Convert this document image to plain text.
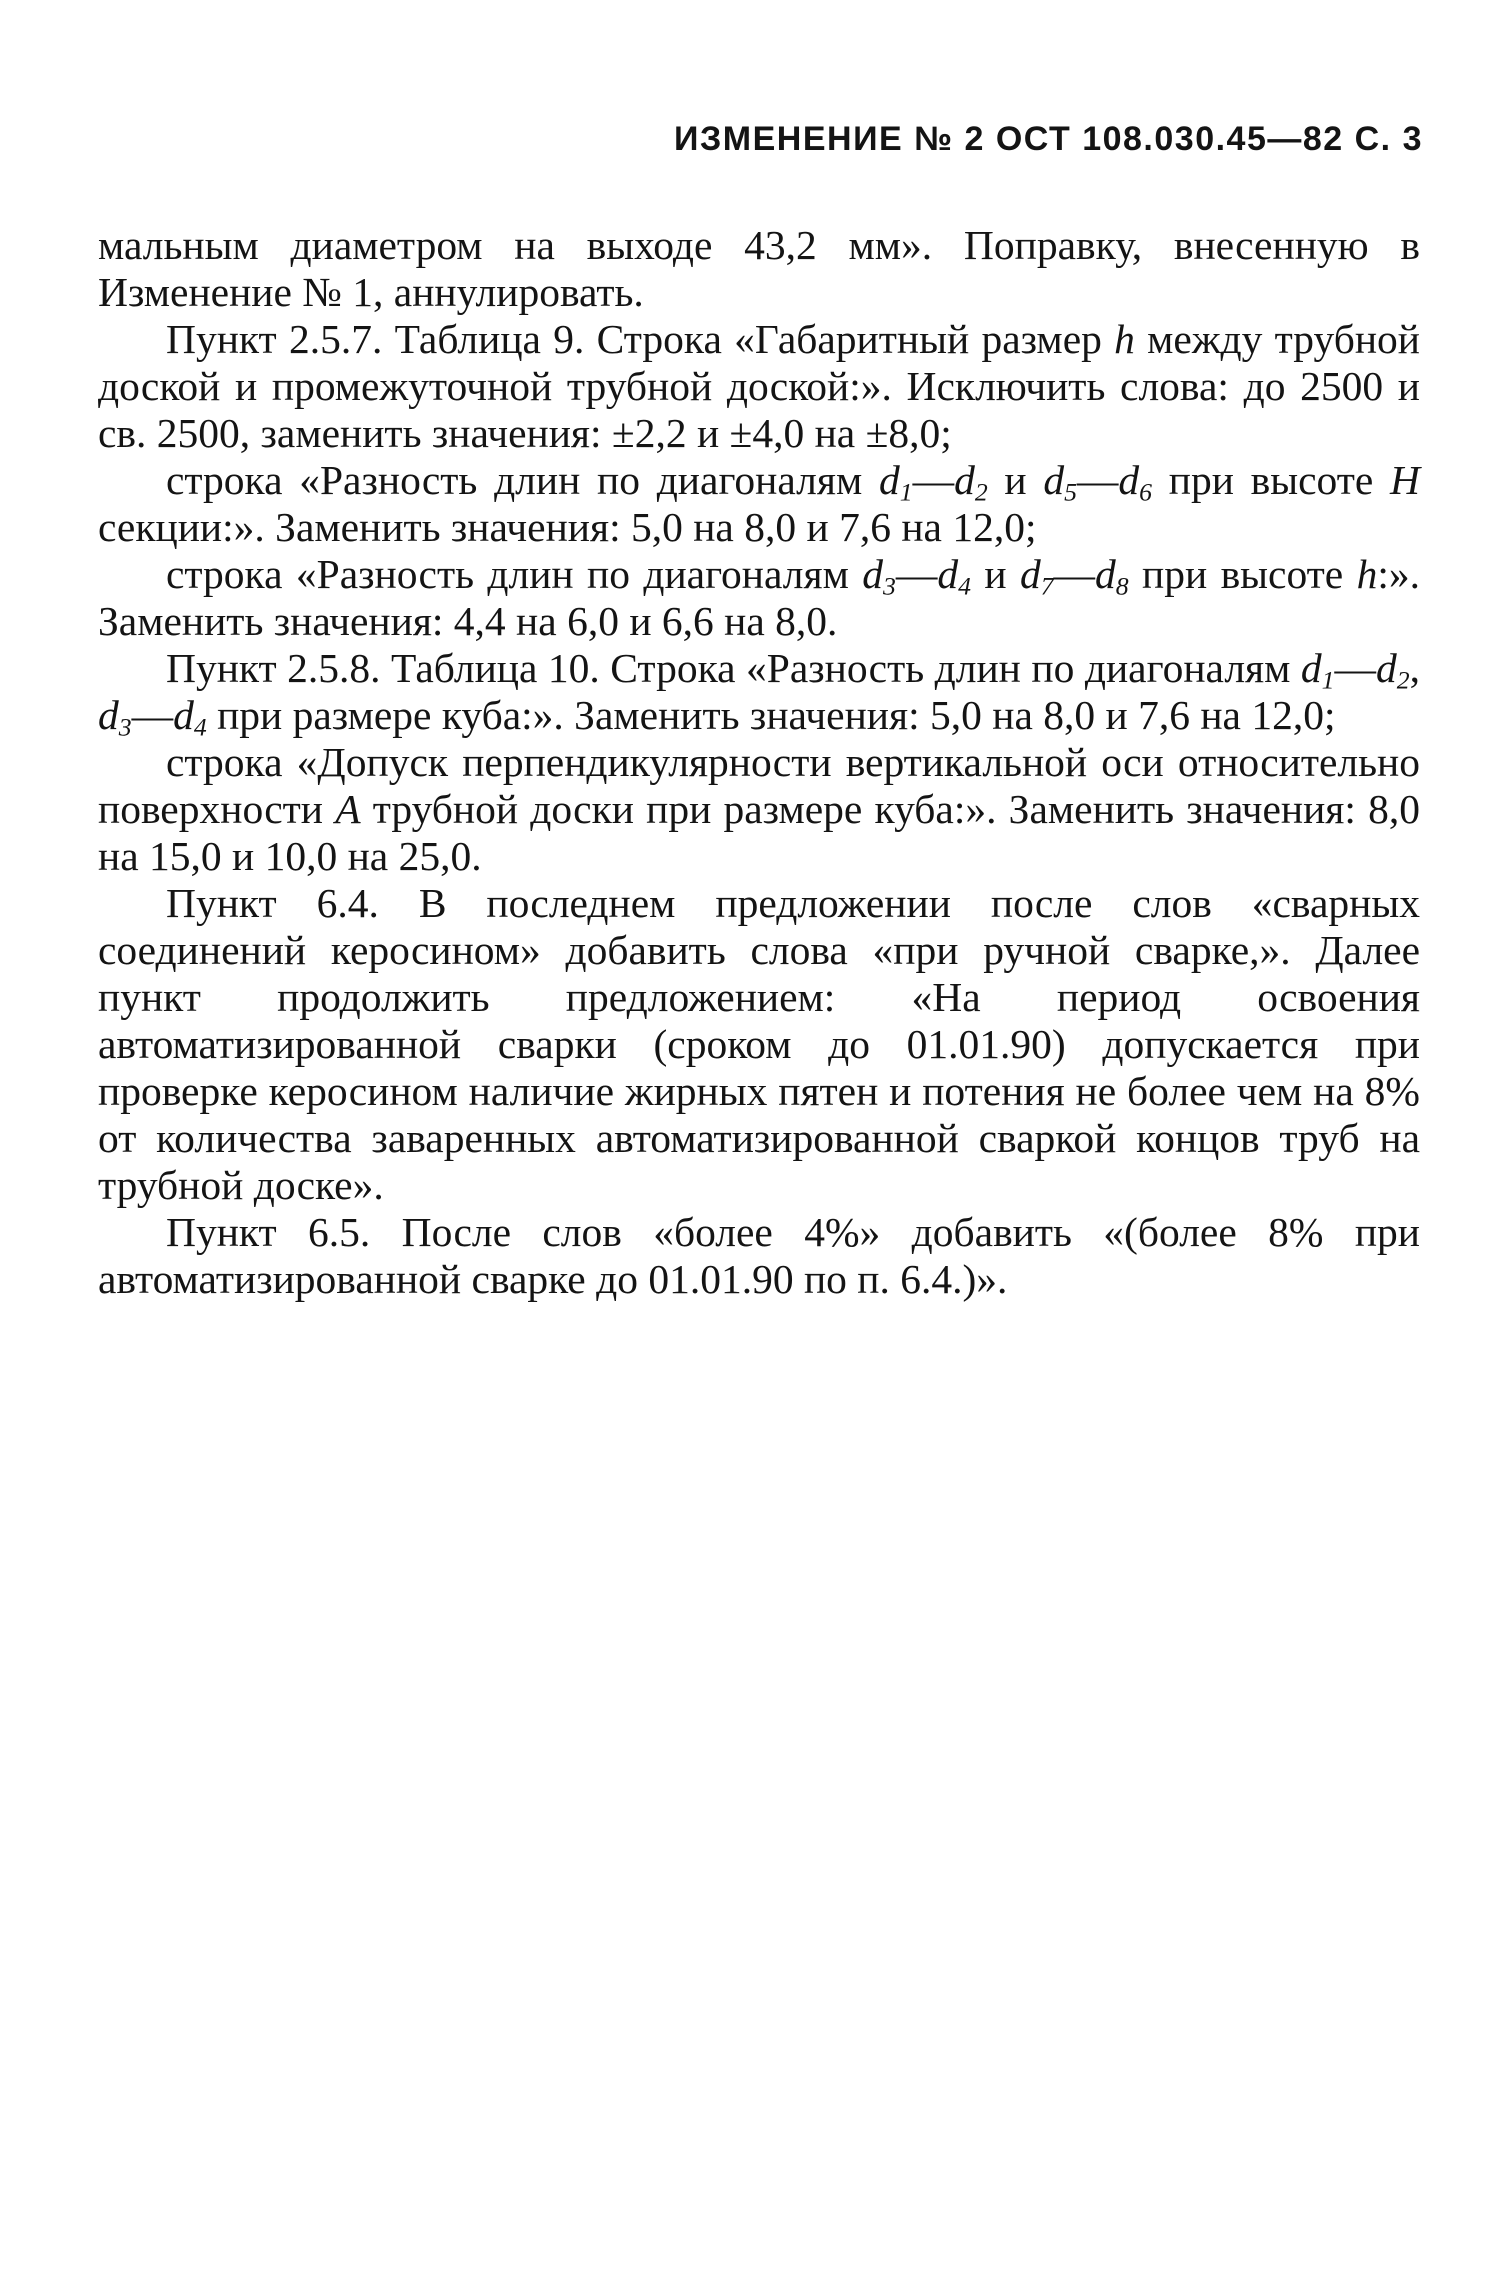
ИЗМЕНЕНИЕ № 2 ОСТ 108.030.45—82 С. 3

мальным диаметром на выходе 43,2 мм». Поправку, внесенную в Изменение № 1, аннулировать.

Пункт 2.5.7. Таблица 9. Строка «Габаритный размер h между трубной доской и промежуточной трубной доской:». Исключить слова: до 2500 и св. 2500, заменить значения: ±2,2 и ±4,0 на ±8,0;

строка «Разность длин по диагоналям $d_1—d_2$ и $d_5—d_6$ при высоте H секции:». Заменить значения: 5,0 на 8,0 и 7,6 на 12,0;

строка «Разность длин по диагоналям $d_3—d_4$ и $d_7—d_8$ при высоте h:». Заменить значения: 4,4 на 6,0 и 6,6 на 8,0.

Пункт 2.5.8. Таблица 10. Строка «Разность длин по диагоналям $d_1—d_2$, $d_3—d_4$ при размере куба:». Заменить значения: 5,0 на 8,0 и 7,6 на 12,0;

строка «Допуск перпендикулярности вертикальной оси относительно поверхности А трубной доски при размере куба:». Заменить значения: 8,0 на 15,0 и 10,0 на 25,0.

Пункт 6.4. В последнем предложении после слов «сварных соединений керосином» добавить слова «при ручной сварке,». Далее пункт продолжить предложением: «На период освоения автоматизированной сварки (сроком до 01.01.90) допускается при проверке керосином наличие жирных пятен и потения не более чем на 8% от количества заваренных автоматизированной сваркой концов труб на трубной доске».

Пункт 6.5. После слов «более 4%» добавить «(более 8% при автоматизированной сварке до 01.01.90 по п. 6.4.)».
